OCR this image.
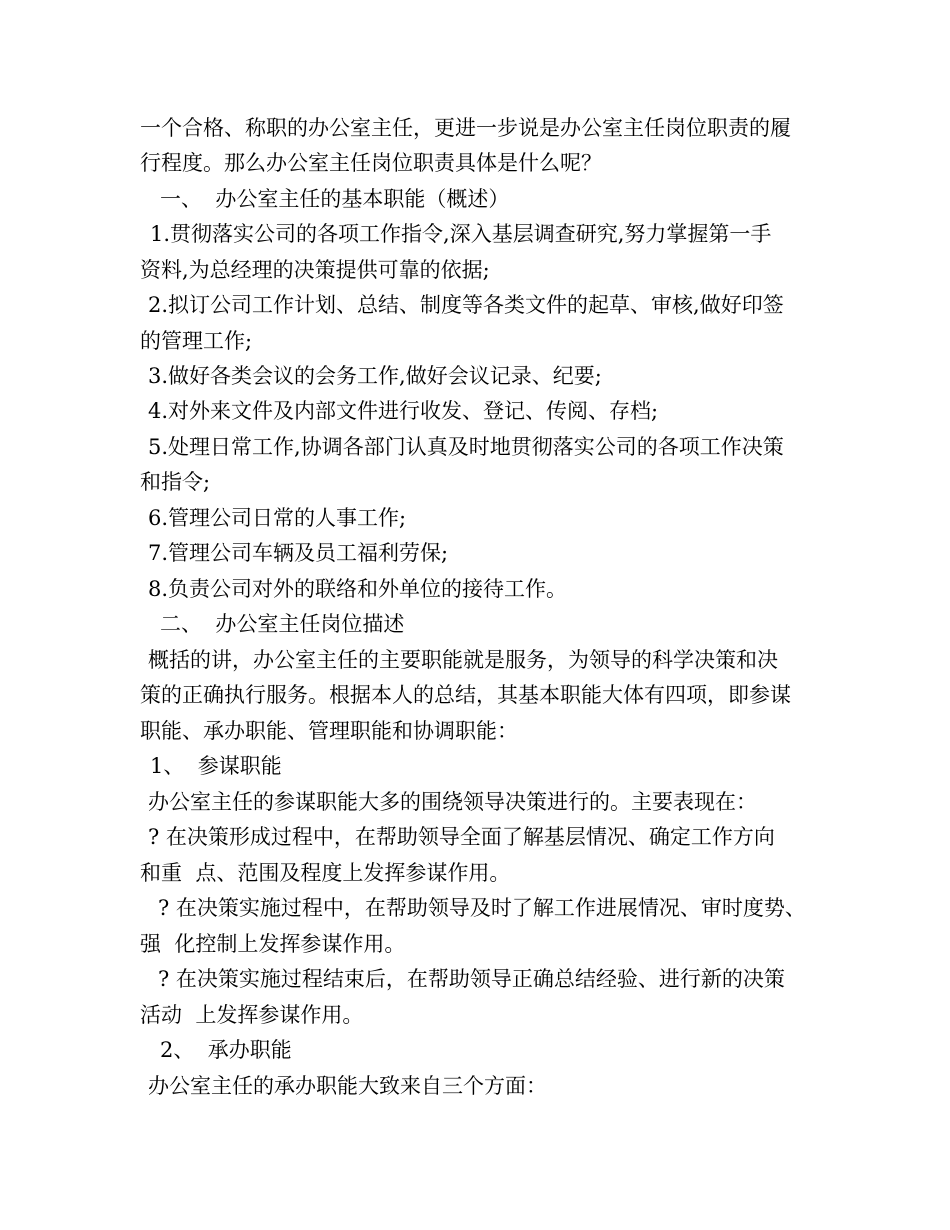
一个合格、称职的办公室主任，更进一步说是办公室主任岗位职责的履
行程度。那么办公室主任岗位职责具体是什么呢？
一、  办公室主任的基本职能（概述）
1.贯彻落实公司的各项工作指令,深入基层调查研究,努力掌握第一手
资料,为总经理的决策提供可靠的依据;
2.拟订公司工作计划、总结、制度等各类文件的起草、审核,做好印签
的管理工作;
3.做好各类会议的会务工作,做好会议记录、纪要;
4.对外来文件及内部文件进行收发、登记、传阅、存档;
5.处理日常工作,协调各部门认真及时地贯彻落实公司的各项工作决策
和指令;
6.管理公司日常的人事工作;
7.管理公司车辆及员工福利劳保;
8.负责公司对外的联络和外单位的接待工作。
二、  办公室主任岗位描述
概括的讲，办公室主任的主要职能就是服务，为领导的科学决策和决
策的正确执行服务。根据本人的总结，其基本职能大体有四项，即参谋
职能、承办职能、管理职能和协调职能：
1、  参谋职能
办公室主任的参谋职能大多的围绕领导决策进行的。主要表现在：
? 在决策形成过程中，在帮助领导全面了解基层情况、确定工作方向
和重  点、范围及程度上发挥参谋作用。
? 在决策实施过程中，在帮助领导及时了解工作进展情况、审时度势、
强  化控制上发挥参谋作用。
? 在决策实施过程结束后，在帮助领导正确总结经验、进行新的决策
活动  上发挥参谋作用。
2、  承办职能
办公室主任的承办职能大致来自三个方面：
